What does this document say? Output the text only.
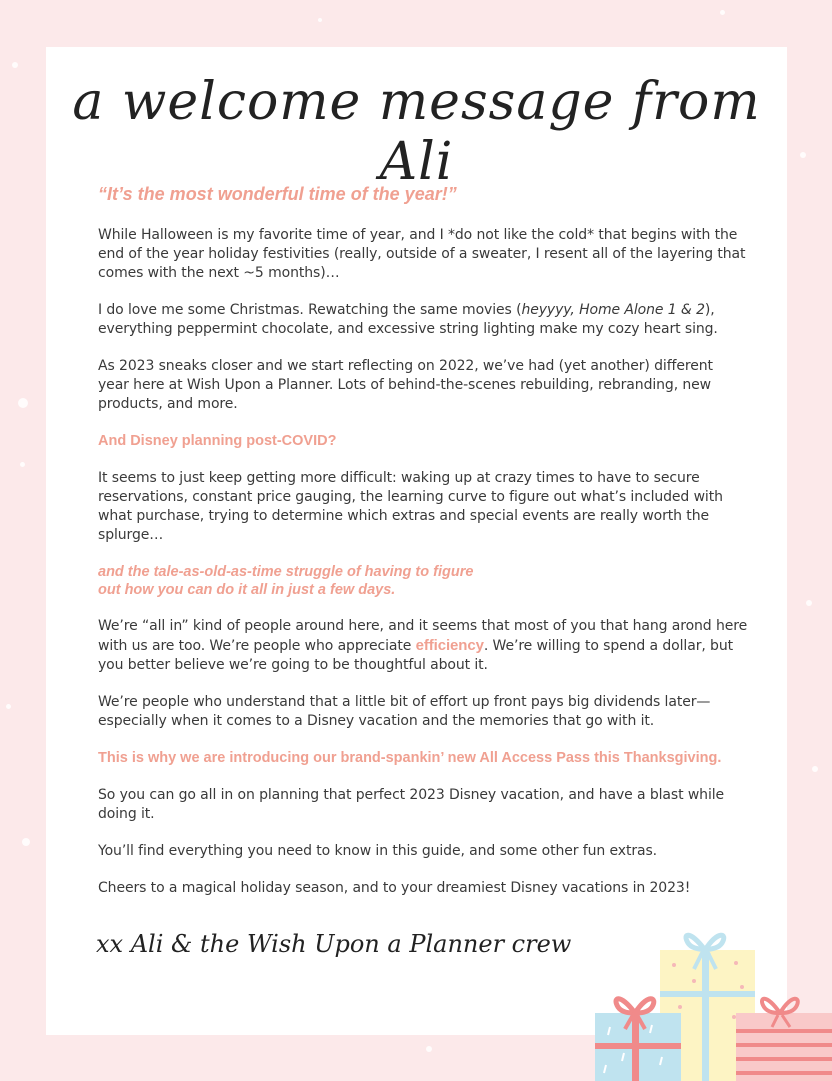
a welcome message from Ali

“It’s the most wonderful time of the year!”

While Halloween is my favorite time of year, and I *do not like the cold* that begins with the end of the year holiday festivities (really, outside of a sweater, I resent all of the layering that comes with the next ~5 months)…

I do love me some Christmas. Rewatching the same movies (heyyyy, Home Alone 1 & 2), everything peppermint chocolate, and excessive string lighting make my cozy heart sing.

As 2023 sneaks closer and we start reflecting on 2022, we’ve had (yet another) different year here at Wish Upon a Planner. Lots of behind-the-scenes rebuilding, rebranding, new products, and more.

And Disney planning post-COVID?

It seems to just keep getting more difficult: waking up at crazy times to have to secure reservations, constant price gauging, the learning curve to figure out what’s included with what purchase, trying to determine which extras and special events are really worth the splurge…

and the tale-as-old-as-time struggle of having to figure

out how you can do it all in just a few days.

We’re “all in” kind of people around here, and it seems that most of you that hang arond here with us are too. We’re people who appreciate efficiency. We’re willing to spend a dollar, but you better believe we’re going to be thoughtful about it.

We’re people who understand that a little bit of effort up front pays big dividends later—especially when it comes to a Disney vacation and the memories that go with it.

This is why we are introducing our brand-spankin’ new All Access Pass this Thanksgiving.

So you can go all in on planning that perfect 2023 Disney vacation, and have a blast while doing it.

You’ll find everything you need to know in this guide, and some other fun extras.

Cheers to a magical holiday season, and to your dreamiest Disney vacations in 2023!

xx Ali & the Wish Upon a Planner crew
